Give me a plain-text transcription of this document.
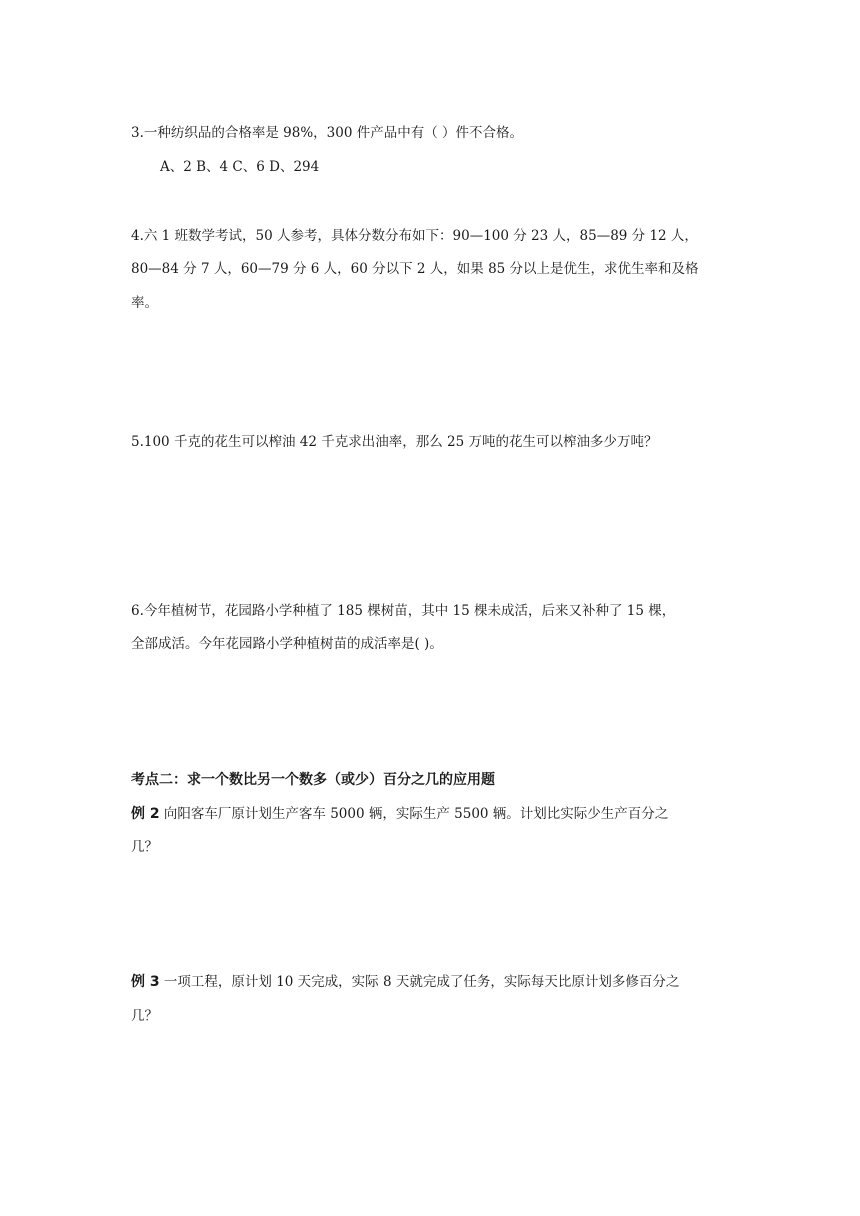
3.一种纺织品的合格率是 98%，300 件产品中有（ ）件不合格。
A、2 B、4 C、6 D、294
4.六 1 班数学考试，50 人参考，具体分数分布如下：90—100 分 23 人，85—89 分 12 人，
80—84 分 7 人，60—79 分 6 人，60 分以下 2 人，如果 85 分以上是优生，求优生率和及格
率。
5.100 千克的花生可以榨油 42 千克求出油率，那么 25 万吨的花生可以榨油多少万吨？
6.今年植树节，花园路小学种植了 185 棵树苗，其中 15 棵未成活，后来又补种了 15 棵，
全部成活。今年花园路小学种植树苗的成活率是( )。
考点二：求一个数比另一个数多（或少）百分之几的应用题
例 2 向阳客车厂原计划生产客车 5000 辆，实际生产 5500 辆。计划比实际少生产百分之
几？
例 3 一项工程，原计划 10 天完成，实际 8 天就完成了任务，实际每天比原计划多修百分之
几？
